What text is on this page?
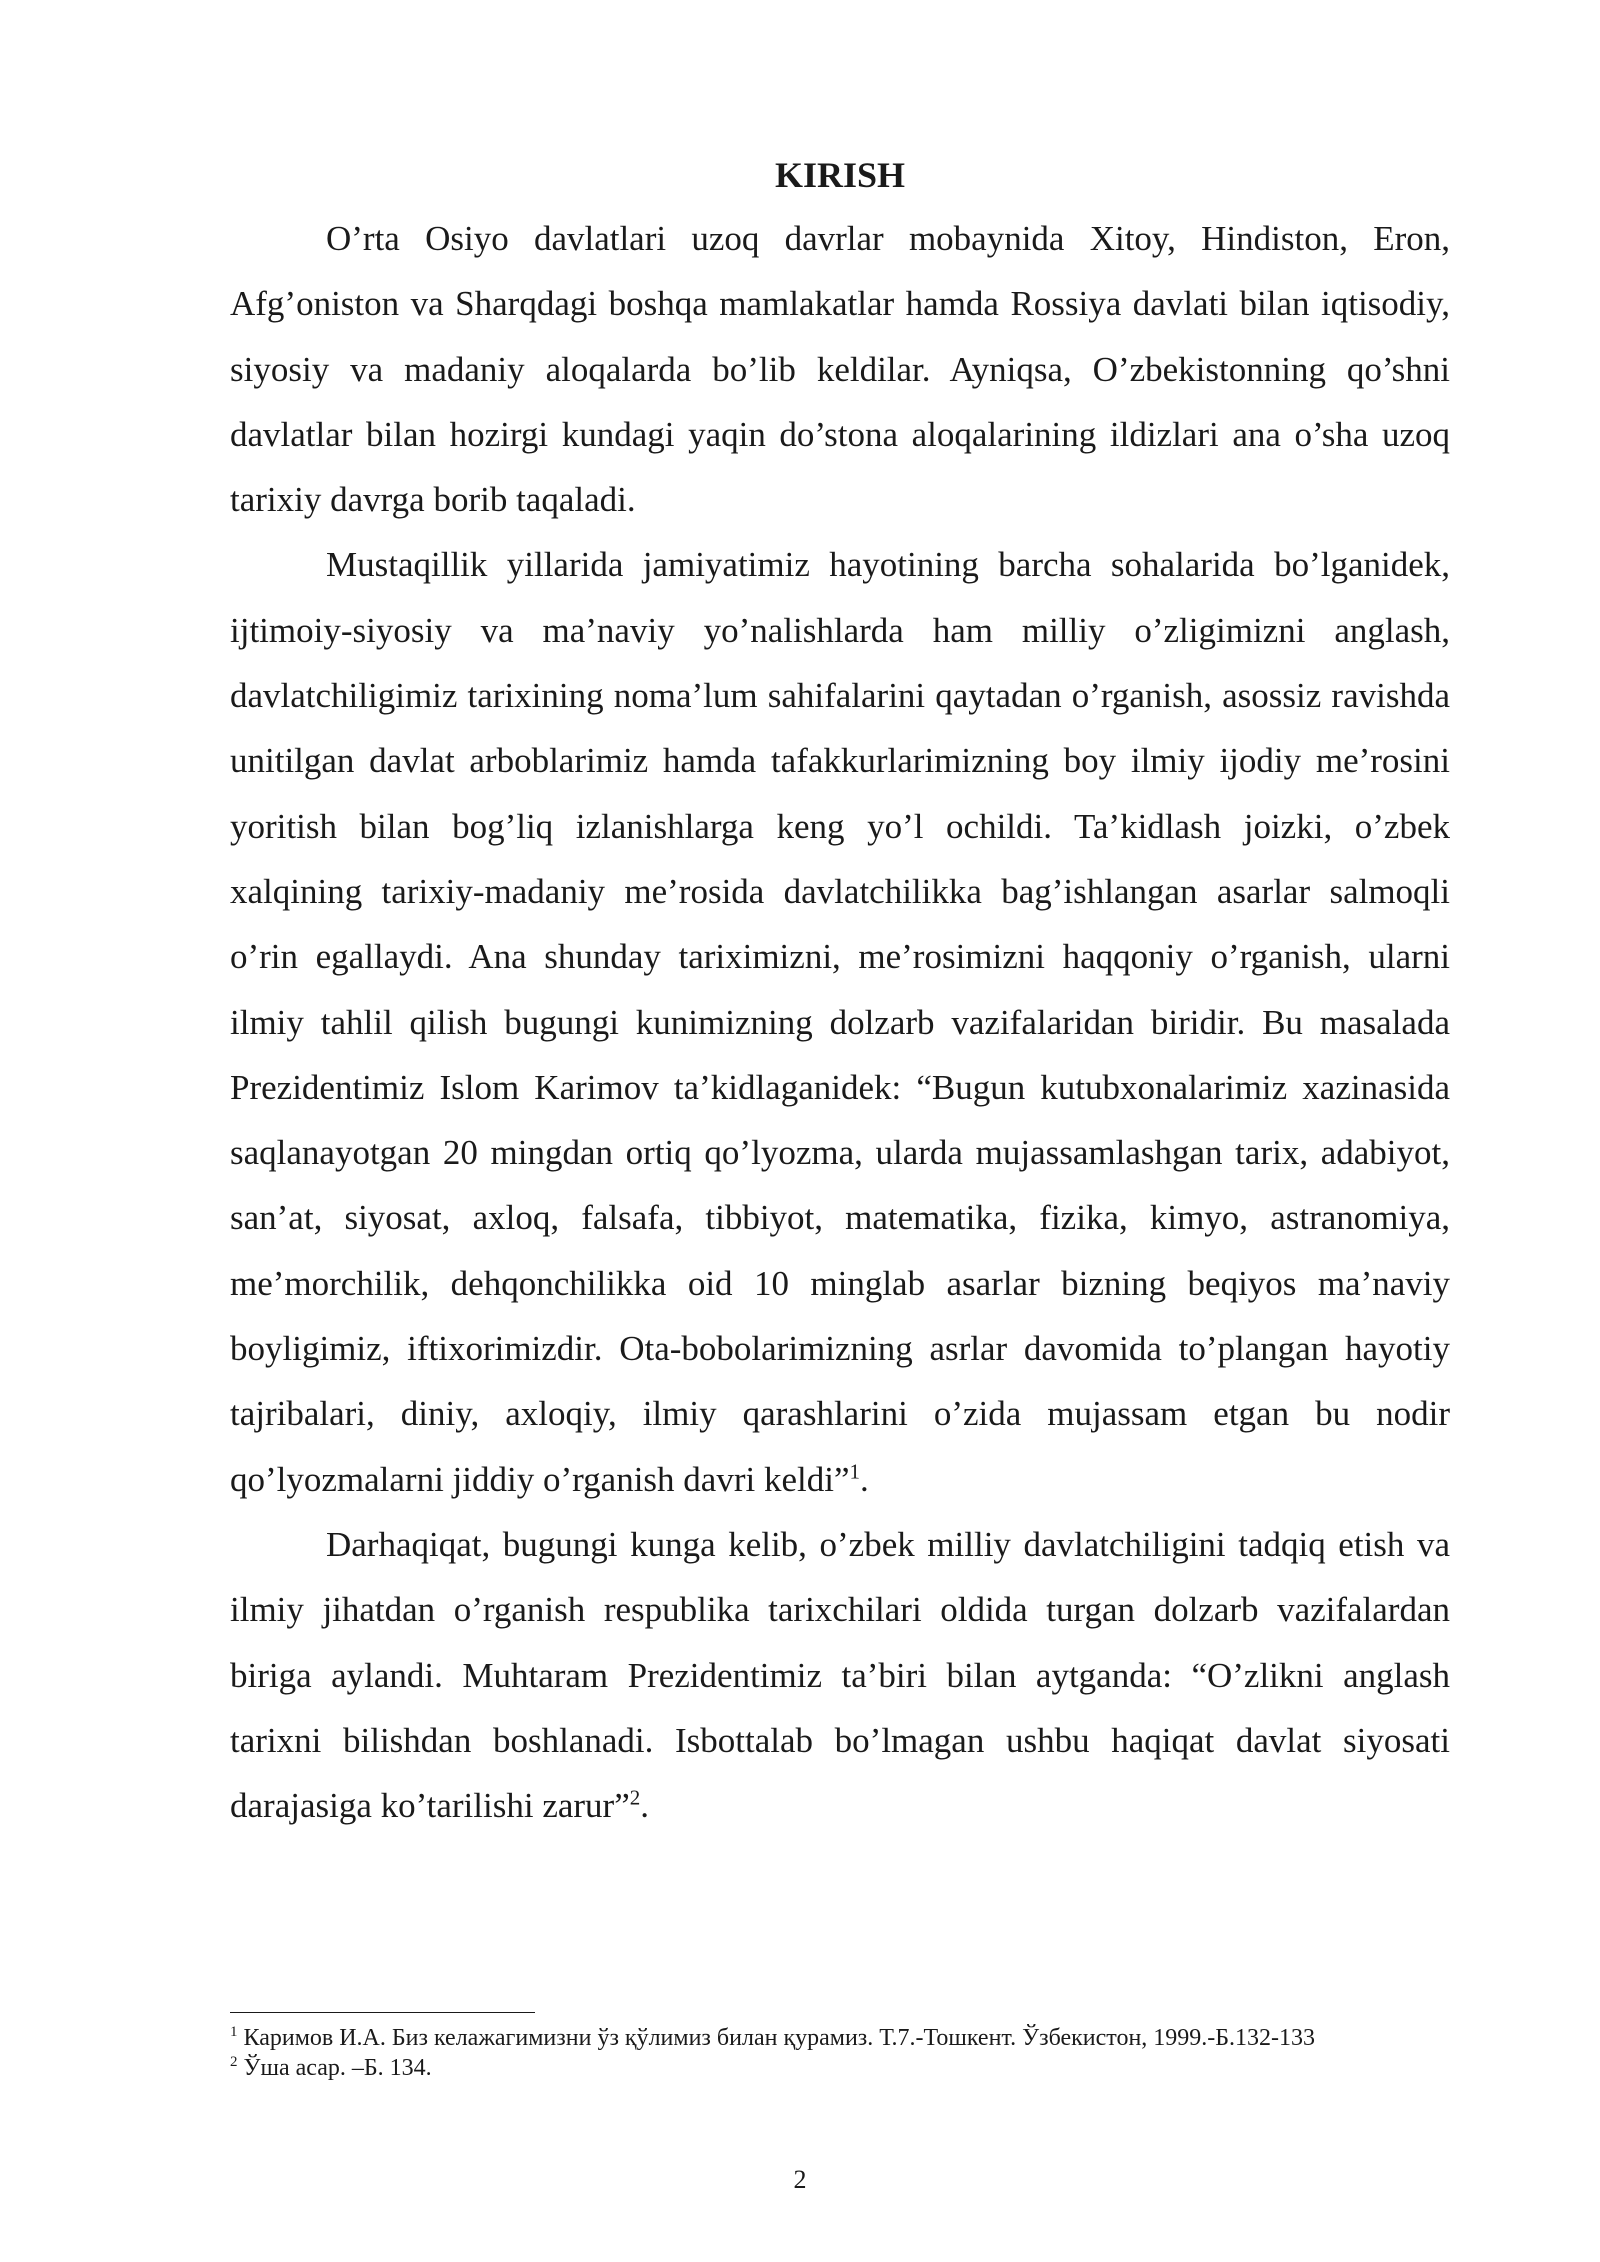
KIRISH

O’rta Osiyo davlatlari uzoq davrlar mobaynida Xitoy, Hindiston, Eron, Afg’oniston va Sharqdagi boshqa mamlakatlar hamda Rossiya davlati bilan iqtisodiy, siyosiy va madaniy aloqalarda bo’lib keldilar. Ayniqsa, O’zbekistonning qo’shni davlatlar bilan hozirgi kundagi yaqin do’stona aloqalarining ildizlari ana o’sha uzoq tarixiy davrga borib taqaladi.

Mustaqillik yillarida jamiyatimiz hayotining barcha sohalarida bo’lganidek, ijtimoiy-siyosiy va ma’naviy yo’nalishlarda ham milliy o’zligimizni anglash, davlatchiligimiz tarixining noma’lum sahifalarini qaytadan o’rganish, asossiz ravishda unitilgan davlat arboblarimiz hamda tafakkurlarimizning boy ilmiy ijodiy me’rosini yoritish bilan bog’liq izlanishlarga keng yo’l ochildi. Ta’kidlash joizki, o’zbek xalqining tarixiy-madaniy me’rosida davlatchilikka bag’ishlangan asarlar salmoqli o’rin egallaydi. Ana shunday tariximizni, me’rosimizni haqqoniy o’rganish, ularni ilmiy tahlil qilish bugungi kunimizning dolzarb vazifalaridan biridir. Bu masalada Prezidentimiz Islom Karimov ta’kidlaganidek: “Bugun kutubxonalarimiz xazinasida saqlanayotgan 20 mingdan ortiq qo’lyozma, ularda mujassamlashgan tarix, adabiyot, san’at, siyosat, axloq, falsafa, tibbiyot, matematika, fizika, kimyo, astranomiya, me’morchilik, dehqonchilikka oid 10 minglab asarlar bizning beqiyos ma’naviy boyligimiz, iftixorimizdir. Ota-bobolarimizning asrlar davomida to’plangan hayotiy tajribalari, diniy, axloqiy, ilmiy qarashlarini o’zida mujassam etgan bu nodir qo’lyozmalarni jiddiy o’rganish davri keldi”$^1$.

Darhaqiqat, bugungi kunga kelib, o’zbek milliy davlatchiligini tadqiq etish va ilmiy jihatdan o’rganish respublika tarixchilari oldida turgan dolzarb vazifalardan biriga aylandi. Muhtaram Prezidentimiz ta’biri bilan aytganda: “O’zlikni anglash tarixni bilishdan boshlanadi. Isbottalab bo’lmagan ushbu haqiqat davlat siyosati darajasiga ko’tarilishi zarur”$^2$.

$^1$ Каримов И.А. Биз келажагимизни ўз қўлимиз билан қурамиз. Т.7.-Тошкент. Ўзбекистон, 1999.-Б.132-133

$^2$ Ўша асар. –Б. 134.

2
